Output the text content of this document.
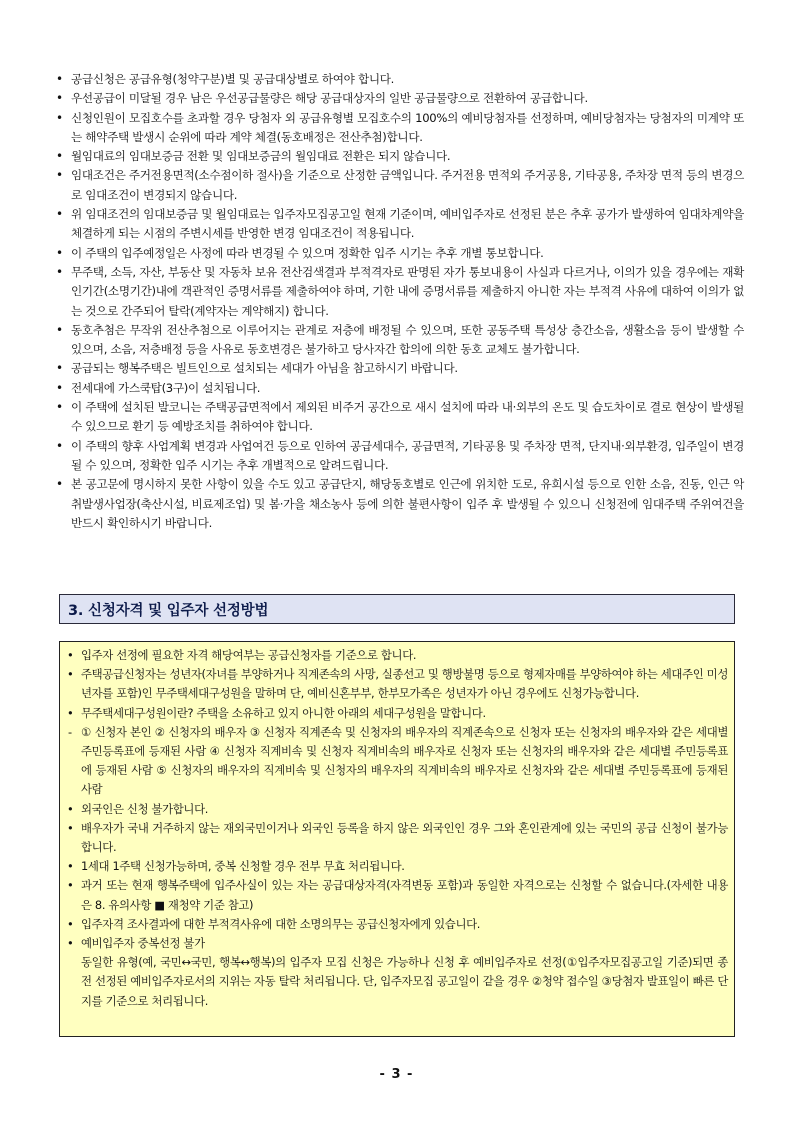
• 공급신청은 공급유형(청약구분)별 및 공급대상별로 하여야 합니다.
• 우선공급이 미달될 경우 남은 우선공급물량은 해당 공급대상자의 일반 공급물량으로 전환하여 공급합니다.
• 신청인원이 모집호수를 초과할 경우 당첨자 외 공급유형별 모집호수의 100%의 예비당첨자를 선정하며, 예비당첨자는 당첨자의 미계약 또는 해약주택 발생시 순위에 따라 계약 체결(동호배정은 전산추첨)합니다.
• 월임대료의 임대보증금 전환 및 임대보증금의 월임대료 전환은 되지 않습니다.
• 임대조건은 주거전용면적(소수점이하 절사)을 기준으로 산정한 금액입니다. 주거전용 면적외 주거공용, 기타공용, 주차장 면적 등의 변경으로 임대조건이 변경되지 않습니다.
• 위 임대조건의 임대보증금 및 월임대료는 입주자모집공고일 현재 기준이며, 예비입주자로 선정된 분은 추후 공가가 발생하여 임대차계약을 체결하게 되는 시점의 주변시세를 반영한 변경 임대조건이 적용됩니다.
• 이 주택의 입주예정일은 사정에 따라 변경될 수 있으며 정확한 입주 시기는 추후 개별 통보합니다.
• 무주택, 소득, 자산, 부동산 및 자동차 보유 전산검색결과 부적격자로 판명된 자가 통보내용이 사실과 다르거나, 이의가 있을 경우에는 재확인기간(소명기간)내에 객관적인 증명서류를 제출하여야 하며, 기한 내에 증명서류를 제출하지 아니한 자는 부적격 사유에 대하여 이의가 없는 것으로 간주되어 탈락(계약자는 계약해지) 합니다.
• 동호추첨은 무작위 전산추첨으로 이루어지는 관계로 저층에 배정될 수 있으며, 또한 공동주택 특성상 층간소음, 생활소음 등이 발생할 수 있으며, 소음, 저층배정 등을 사유로 동호변경은 불가하고 당사자간 합의에 의한 동호 교체도 불가합니다.
• 공급되는 행복주택은 빌트인으로 설치되는 세대가 아님을 참고하시기 바랍니다.
• 전세대에 가스쿡탑(3구)이 설치됩니다.
• 이 주택에 설치된 발코니는 주택공급면적에서 제외된 비주거 공간으로 새시 설치에 따라 내·외부의 온도 및 습도차이로 결로 현상이 발생될 수 있으므로 환기 등 예방조치를 취하여야 합니다.
• 이 주택의 향후 사업계획 변경과 사업여건 등으로 인하여 공급세대수, 공급면적, 기타공용 및 주차장 면적, 단지내·외부환경, 입주일이 변경될 수 있으며, 정확한 입주 시기는 추후 개별적으로 알려드립니다.
• 본 공고문에 명시하지 못한 사항이 있을 수도 있고 공급단지, 해당동호별로 인근에 위치한 도로, 유희시설 등으로 인한 소음, 진동, 인근 악취발생사업장(축산시설, 비료제조업) 및 봄·가을 채소농사 등에 의한 불편사항이 입주 후 발생될 수 있으니 신청전에 임대주택 주위여건을 반드시 확인하시기 바랍니다.
3. 신청자격 및 입주자 선정방법
• 입주자 선정에 필요한 자격 해당여부는 공급신청자를 기준으로 합니다.
• 주택공급신청자는 성년자(자녀를 부양하거나 직계존속의 사망, 실종선고 및 행방불명 등으로 형제자매를 부양하여야 하는 세대주인 미성년자를 포함)인 무주택세대구성원을 말하며 단, 예비신혼부부, 한부모가족은 성년자가 아닌 경우에도 신청가능합니다.
• 무주택세대구성원이란? 주택을 소유하고 있지 아니한 아래의 세대구성원을 말합니다.
- ① 신청자 본인 ② 신청자의 배우자 ③ 신청자 직계존속 및 신청자의 배우자의 직계존속으로 신청자 또는 신청자의 배우자와 같은 세대별 주민등록표에 등재된 사람 ④ 신청자 직계비속 및 신청자 직계비속의 배우자로 신청자 또는 신청자의 배우자와 같은 세대별 주민등록표에 등재된 사람 ⑤ 신청자의 배우자의 직계비속 및 신청자의 배우자의 직계비속의 배우자로 신청자와 같은 세대별 주민등록표에 등재된 사람
• 외국인은 신청 불가합니다.
• 배우자가 국내 거주하지 않는 재외국민이거나 외국인 등록을 하지 않은 외국인인 경우 그와 혼인관계에 있는 국민의 공급 신청이 불가능합니다.
• 1세대 1주택 신청가능하며, 중복 신청할 경우 전부 무효 처리됩니다.
• 과거 또는 현재 행복주택에 입주사실이 있는 자는 공급대상자격(자격변동 포함)과 동일한 자격으로는 신청할 수 없습니다.(자세한 내용은 8. 유의사항 ■ 재청약 기준 참고)
• 입주자격 조사결과에 대한 부적격사유에 대한 소명의무는 공급신청자에게 있습니다.
• 예비입주자 중복선정 불가
동일한 유형(예, 국민↔국민, 행복↔행복)의 입주자 모집 신청은 가능하나 신청 후 예비입주자로 선정(①입주자모집공고일 기준)되면 종전 선정된 예비입주자로서의 지위는 자동 탈락 처리됩니다. 단, 입주자모집 공고일이 같을 경우 ②청약 접수일 ③당첨자 발표일이 빠른 단지를 기준으로 처리됩니다.
- 3 -
